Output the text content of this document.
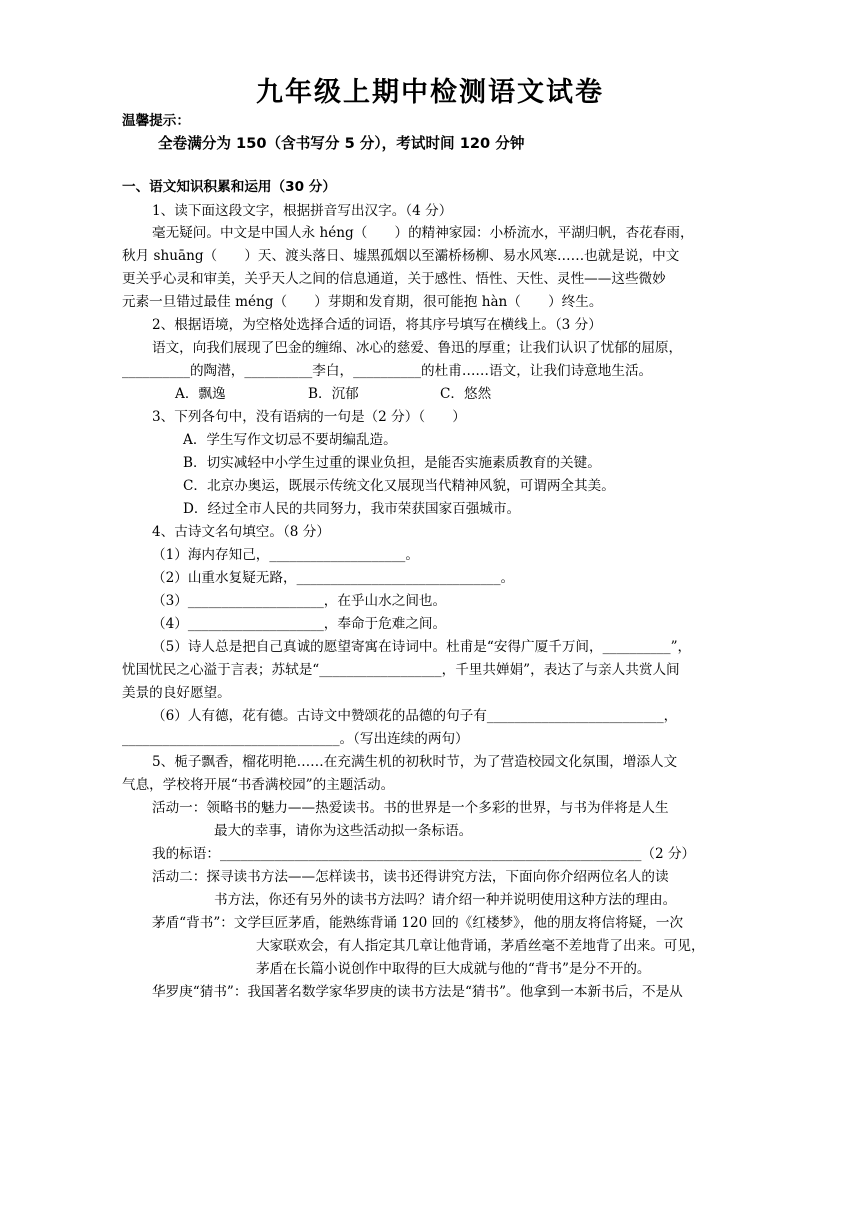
九年级上期中检测语文试卷
温馨提示：
全卷满分为 150（含书写分 5 分），考试时间 120 分钟
一、语文知识积累和运用（30 分）
1、读下面这段文字，根据拼音写出汉字。（4 分）
毫无疑问。中文是中国人永 héng（　　）的精神家园：小桥流水，平湖归帆，杏花春雨，
秋月 shuāng（　　）天、渡头落日、墟黑孤烟以至灞桥杨柳、易水风寒……也就是说，中文
更关乎心灵和审美，关乎天人之间的信息通道，关于感性、悟性、天性、灵性——这些微妙
元素一旦错过最佳 méng（　　）芽期和发育期，很可能抱 hàn（　　）终生。
2、根据语境，为空格处选择合适的词语，将其序号填写在横线上。（3 分）
语文，向我们展现了巴金的缠绵、冰心的慈爱、鲁迅的厚重；让我们认识了忧郁的屈原，
__________的陶潜，__________李白，__________的杜甫……语文，让我们诗意地生活。
A．飘逸	B．沉郁	C．悠然
3、下列各句中，没有语病的一句是（2 分）（　　）
A．学生写作文切忌不要胡编乱造。
B．切实减轻中小学生过重的课业负担，是能否实施素质教育的关键。
C．北京办奥运，既展示传统文化又展现当代精神风貌，可谓两全其美。
D．经过全市人民的共同努力，我市荣获国家百强城市。
4、古诗文名句填空。（8 分）
（1）海内存知己，____________________。
（2）山重水复疑无路，______________________________。
（3）____________________，在乎山水之间也。
（4）____________________，奉命于危难之间。
（5）诗人总是把自己真诚的愿望寄寓在诗词中。杜甫是“安得广厦千万间，__________”，
忧国忧民之心溢于言表；苏轼是“__________________，千里共婵娟”，表达了与亲人共赏人间
美景的良好愿望。
（6）人有德，花有德。古诗文中赞颂花的品德的句子有__________________________，
________________________________。（写出连续的两句）
5、栀子飘香，榴花明艳……在充满生机的初秋时节，为了营造校园文化氛围，增添人文
气息，学校将开展“书香满校园”的主题活动。
活动一：领略书的魅力——热爱读书。书的世界是一个多彩的世界，与书为伴将是人生
最大的幸事，请你为这些活动拟一条标语。
我的标语：______________________________________________________________（2 分）
活动二：探寻读书方法——怎样读书，读书还得讲究方法，下面向你介绍两位名人的读
书方法，你还有另外的读书方法吗？请介绍一种并说明使用这种方法的理由。
茅盾“背书”：文学巨匠茅盾，能熟练背诵 120 回的《红楼梦》，他的朋友将信将疑，一次
大家联欢会，有人指定其几章让他背诵，茅盾丝毫不差地背了出来。可见，
茅盾在长篇小说创作中取得的巨大成就与他的“背书”是分不开的。
华罗庚“猜书”：我国著名数学家华罗庚的读书方法是“猜书”。他拿到一本新书后，不是从
